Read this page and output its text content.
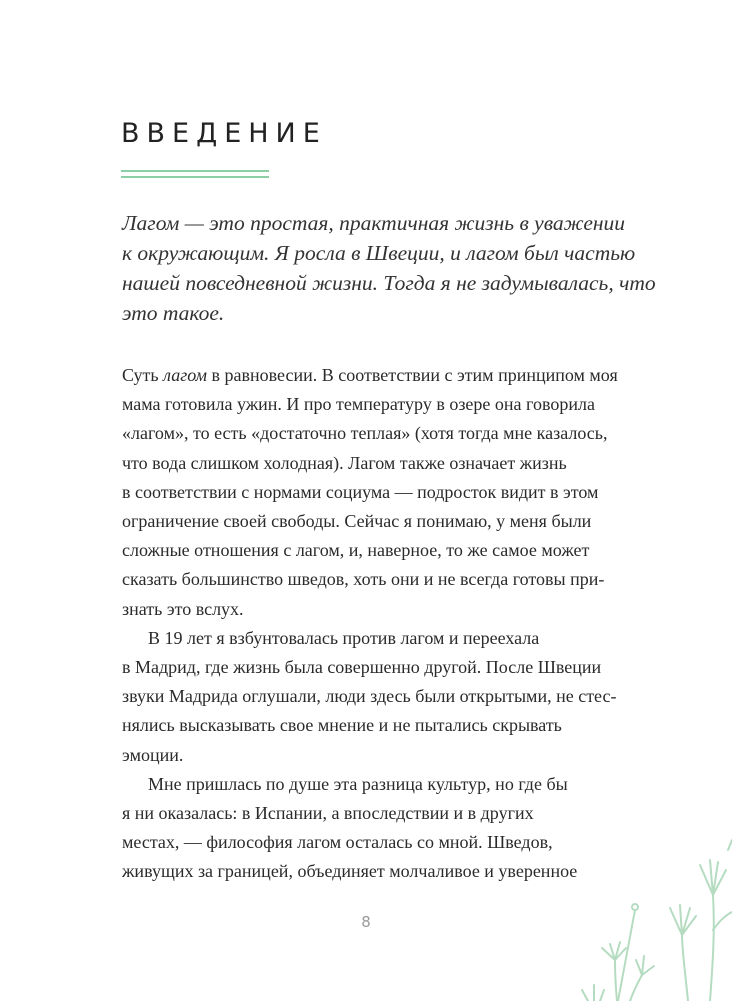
ВВЕДЕНИЕ
Лагом — это простая, практичная жизнь в уважении
к окружающим. Я росла в Швеции, и лагом был частью
нашей повседневной жизни. Тогда я не задумывалась, что
это такое.
Суть лагом в равновесии. В соответствии с этим принципом моя
мама готовила ужин. И про температуру в озере она говорила
«лагом», то есть «достаточно теплая» (хотя тогда мне казалось,
что вода слишком холодная). Лагом также означает жизнь
в соответствии с нормами социума — подросток видит в этом
ограничение своей свободы. Сейчас я понимаю, у меня были
сложные отношения с лагом, и, наверное, то же самое может
сказать большинство шведов, хоть они и не всегда готовы при-
знать это вслух.
В 19 лет я взбунтовалась против лагом и переехала
в Мадрид, где жизнь была совершенно другой. После Швеции
звуки Мадрида оглушали, люди здесь были открытыми, не стес-
нялись высказывать свое мнение и не пытались скрывать
эмоции.
Мне пришлась по душе эта разница культур, но где бы
я ни оказалась: в Испании, а впоследствии и в других
местах, — философия лагом осталась со мной. Шведов,
живущих за границей, объединяет молчаливое и уверенное
8
